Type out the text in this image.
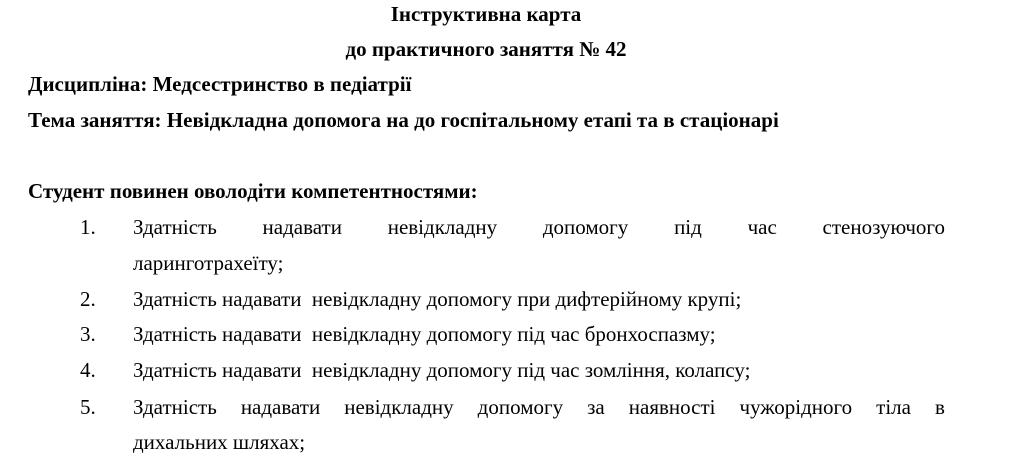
Інструктивна карта
до практичного заняття № 42
Дисципліна: Медсестринство в педіатрії
Тема заняття: Невідкладна допомога на до госпітальному етапі та в стаціонарі
Студент повинен оволодіти компетентностями:
1. Здатність надавати невідкладну допомогу під час стенозуючого
ларинготрахеїту;
2. Здатність надавати  невідкладну допомогу при дифтерійному крупі;
3. Здатність надавати  невідкладну допомогу під час бронхоспазму;
4. Здатність надавати  невідкладну допомогу під час зомління, колапсу;
5. Здатність надавати невідкладну допомогу за наявності чужорідного тіла в
дихальних шляхах;
